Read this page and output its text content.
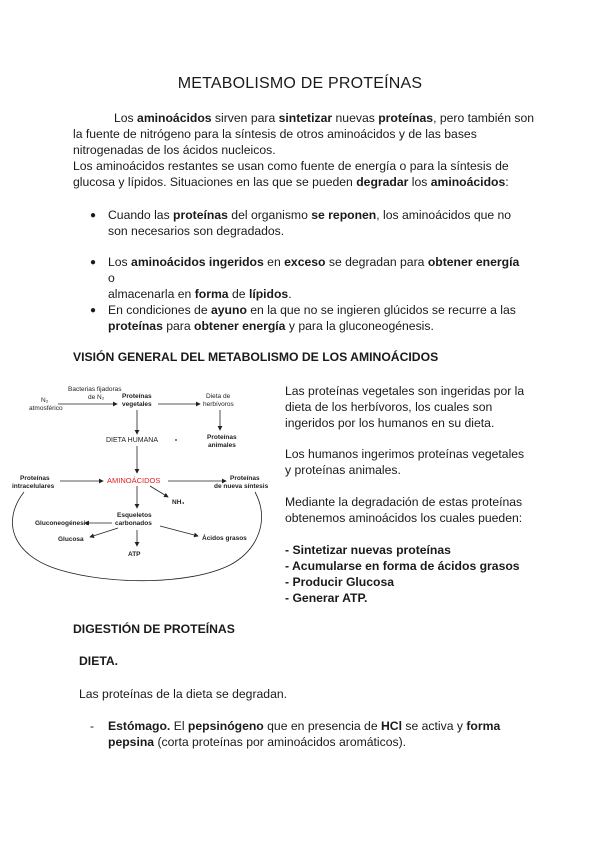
METABOLISMO DE PROTEÍNAS
Los aminoácidos sirven para sintetizar nuevas proteínas, pero también son
la fuente de nitrógeno para la síntesis de otros aminoácidos y de las bases
nitrogenadas de los ácidos nucleicos.
Los aminoácidos restantes se usan como fuente de energía o para la síntesis de
glucosa y lípidos. Situaciones en las que se pueden degradar los aminoácidos:
● Cuando las proteínas del organismo se reponen, los aminoácidos que no
son necesarios son degradados.
● Los aminoácidos ingeridos en exceso se degradan para obtener energía o
almacenarla en forma de lípidos.
● En condiciones de ayuno en la que no se ingieren glúcidos se recurre a las
proteínas para obtener energía y para la gluconeogénesis.
VISIÓN GENERAL DEL METABOLISMO DE LOS AMINOÁCIDOS
N₂
atmosférico
Bacterias fijadoras
de N₂	Proteínas
vegetales
Dieta de
herbívoros
DIETA HUMANA	Proteínas
animales
Proteínas
intracelulares
AMINOÁCIDOS	Proteínas
de nueva síntesis
NH₄
Gluconeogénesis
Esqueletos
carbonados
Glucosa	Ácidos grasos
ATP
Las proteínas vegetales son ingeridas por la
dieta de los herbívoros, los cuales son
ingeridos por los humanos en su dieta.
Los humanos ingerimos proteínas vegetales
y proteínas animales.
Mediante la degradación de estas proteínas
obtenemos aminoácidos los cuales pueden:
- Sintetizar nuevas proteínas
- Acumularse en forma de ácidos grasos
- Producir Glucosa
- Generar ATP.
DIGESTIÓN DE PROTEÍNAS
DIETA.
Las proteínas de la dieta se degradan.
- Estómago. El pepsinógeno que en presencia de HCl se activa y forma
pepsina (corta proteínas por aminoácidos aromáticos).
